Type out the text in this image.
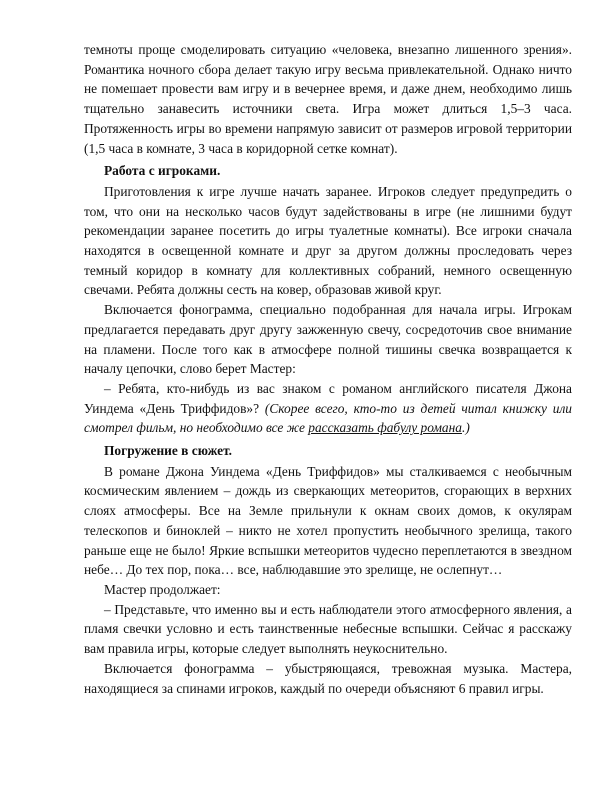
темноты проще смоделировать ситуацию «человека, внезапно лишенного зрения». Романтика ночного сбора делает такую игру весьма привлекательной. Однако ничто не помешает провести вам игру и в вечернее время, и даже днем, необходимо лишь тщательно занавесить источники света. Игра может длиться 1,5–3 часа. Протяженность игры во времени напрямую зависит от размеров игровой территории (1,5 часа в комнате, 3 часа в коридорной сетке комнат).

Работа с игроками.

Приготовления к игре лучше начать заранее. Игроков следует предупредить о том, что они на несколько часов будут задействованы в игре (не лишними будут рекомендации заранее посетить до игры туалетные комнаты). Все игроки сначала находятся в освещенной комнате и друг за другом должны проследовать через темный коридор в комнату для коллективных собраний, немного освещенную свечами. Ребята должны сесть на ковер, образовав живой круг.

Включается фонограмма, специально подобранная для начала игры. Игрокам предлагается передавать друг другу зажженную свечу, сосредоточив свое внимание на пламени. После того как в атмосфере полной тишины свечка возвращается к началу цепочки, слово берет Мастер:

– Ребята, кто-нибудь из вас знаком с романом английского писателя Джона Уиндема «День Триффидов»? (Скорее всего, кто-то из детей читал книжку или смотрел фильм, но необходимо все же рассказать фабулу романа.)

Погружение в сюжет.

В романе Джона Уиндема «День Триффидов» мы сталкиваемся с необычным космическим явлением – дождь из сверкающих метеоритов, сгорающих в верхних слоях атмосферы. Все на Земле прильнули к окнам своих домов, к окулярам телескопов и биноклей – никто не хотел пропустить необычного зрелища, такого раньше еще не было! Яркие вспышки метеоритов чудесно переплетаются в звездном небе… До тех пор, пока… все, наблюдавшие это зрелище, не ослепнут…

Мастер продолжает:

– Представьте, что именно вы и есть наблюдатели этого атмосферного явления, а пламя свечки условно и есть таинственные небесные вспышки. Сейчас я расскажу вам правила игры, которые следует выполнять неукоснительно.

Включается фонограмма – убыстряющаяся, тревожная музыка. Мастера, находящиеся за спинами игроков, каждый по очереди объясняют 6 правил игры.
